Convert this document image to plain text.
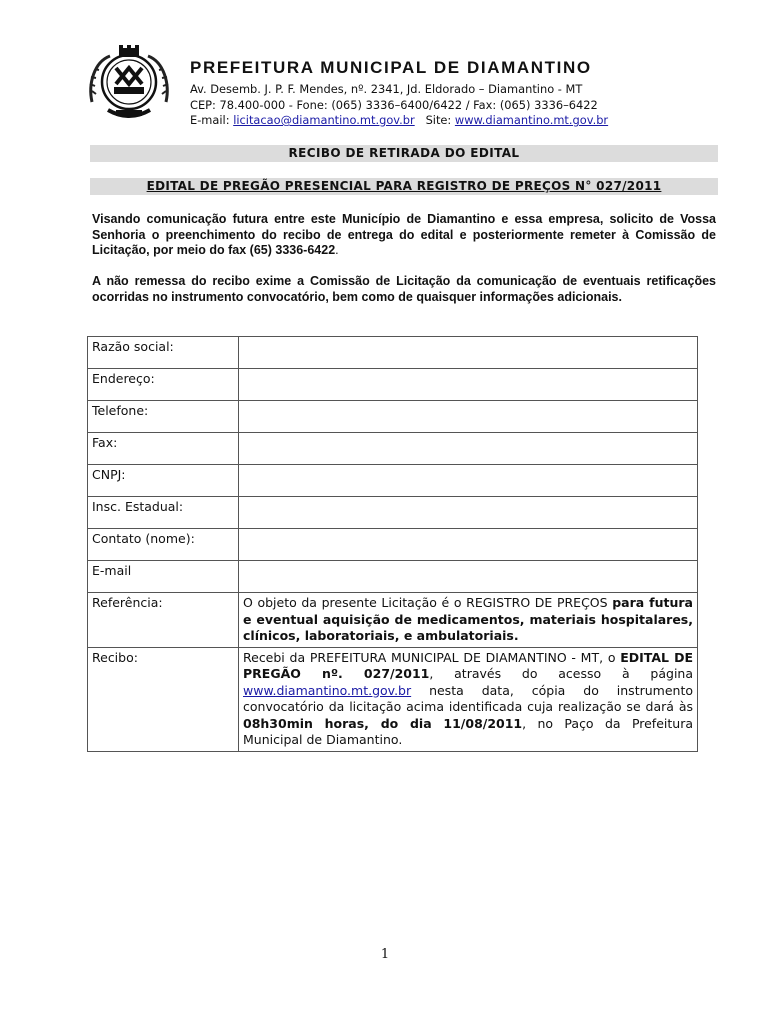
PREFEITURA MUNICIPAL DE DIAMANTINO
Av. Desemb. J. P. F. Mendes, nº. 2341, Jd. Eldorado – Diamantino - MT
CEP: 78.400-000 - Fone: (065) 3336–6400/6422 / Fax: (065) 3336–6422
E-mail: licitacao@diamantino.mt.gov.br Site: www.diamantino.mt.gov.br
RECIBO DE RETIRADA DO EDITAL
EDITAL DE PREGÃO PRESENCIAL PARA REGISTRO DE PREÇOS N° 027/2011
Visando comunicação futura entre este Município de Diamantino e essa empresa, solicito de Vossa Senhoria o preenchimento do recibo de entrega do edital e posteriormente remeter à Comissão de Licitação, por meio do fax (65) 3336-6422.
A não remessa do recibo exime a Comissão de Licitação da comunicação de eventuais retificações ocorridas no instrumento convocatório, bem como de quaisquer informações adicionais.
Razão social:	
Endereço:	
Telefone:	
Fax:	
CNPJ:	
Insc. Estadual:	
Contato (nome):	
E-mail	
Referência:	O objeto da presente Licitação é o REGISTRO DE PREÇOS para futura e eventual aquisição de medicamentos, materiais hospitalares, clínicos, laboratoriais, e ambulatoriais.
Recibo:	Recebi da PREFEITURA MUNICIPAL DE DIAMANTINO - MT, o EDITAL DE PREGÃO nº. 027/2011, através do acesso à página www.diamantino.mt.gov.br nesta data, cópia do instrumento convocatório da licitação acima identificada cuja realização se dará às 08h30min horas, do dia 11/08/2011, no Paço da Prefeitura Municipal de Diamantino.
1
